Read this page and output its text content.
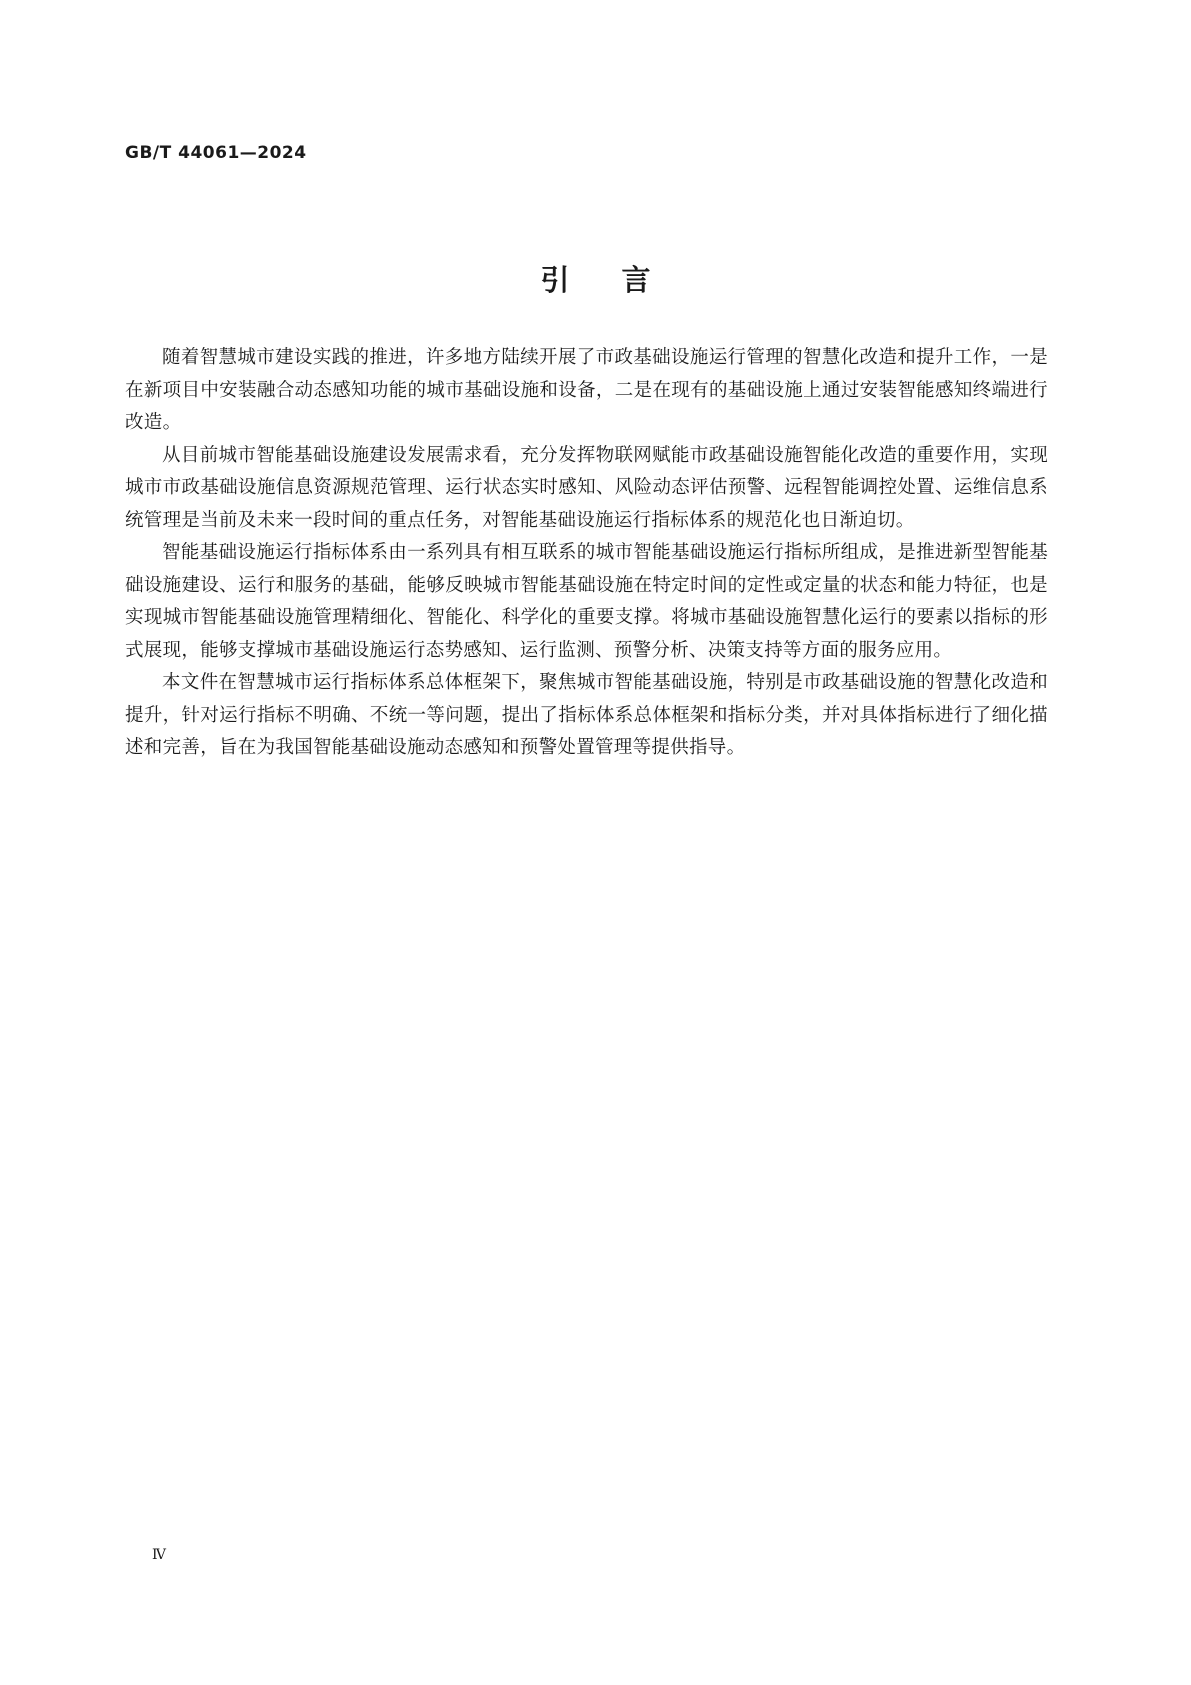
GB/T 44061—2024
引言

随着智慧城市建设实践的推进，许多地方陆续开展了市政基础设施运行管理的智慧化改造和提升工作，一是在新项目中安装融合动态感知功能的城市基础设施和设备，二是在现有的基础设施上通过安装智能感知终端进行改造。

从目前城市智能基础设施建设发展需求看，充分发挥物联网赋能市政基础设施智能化改造的重要作用，实现城市市政基础设施信息资源规范管理、运行状态实时感知、风险动态评估预警、远程智能调控处置、运维信息系统管理是当前及未来一段时间的重点任务，对智能基础设施运行指标体系的规范化也日渐迫切。

智能基础设施运行指标体系由一系列具有相互联系的城市智能基础设施运行指标所组成，是推进新型智能基础设施建设、运行和服务的基础，能够反映城市智能基础设施在特定时间的定性或定量的状态和能力特征，也是实现城市智能基础设施管理精细化、智能化、科学化的重要支撑。将城市基础设施智慧化运行的要素以指标的形式展现，能够支撑城市基础设施运行态势感知、运行监测、预警分析、决策支持等方面的服务应用。

本文件在智慧城市运行指标体系总体框架下，聚焦城市智能基础设施，特别是市政基础设施的智慧化改造和提升，针对运行指标不明确、不统一等问题，提出了指标体系总体框架和指标分类，并对具体指标进行了细化描述和完善，旨在为我国智能基础设施动态感知和预警处置管理等提供指导。

Ⅳ
